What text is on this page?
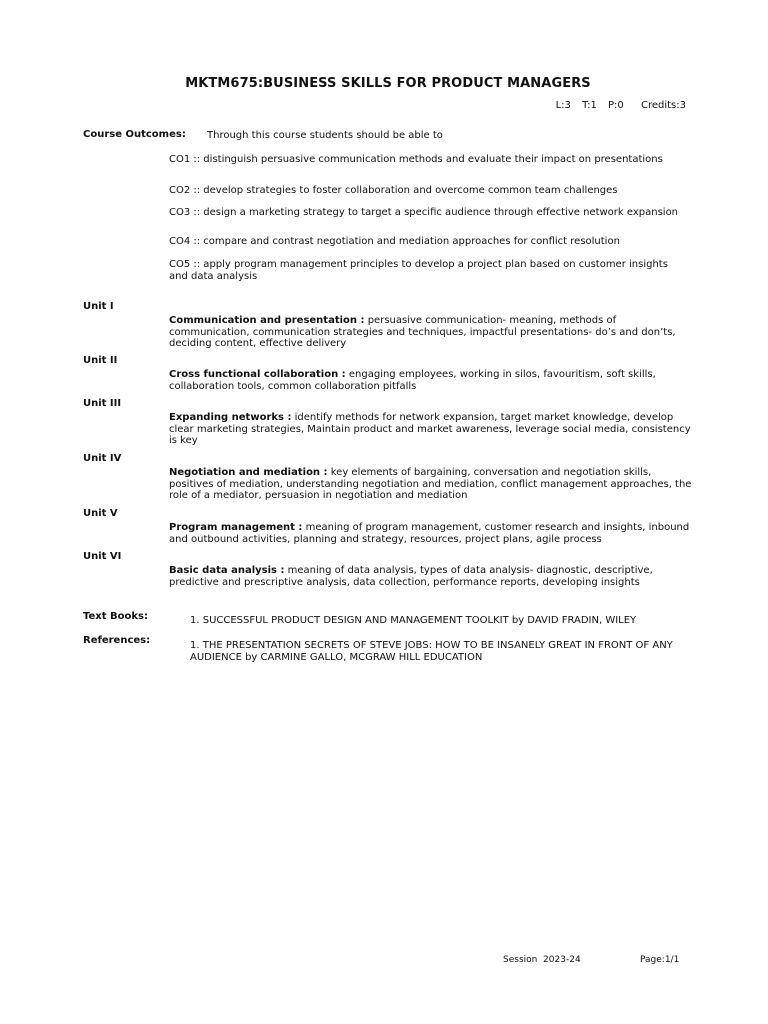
MKTM675:BUSINESS SKILLS FOR PRODUCT MANAGERS
L:3 T:1 P:0 Credits:3
Course Outcomes: Through this course students should be able to
CO1 :: distinguish persuasive communication methods and evaluate their impact on presentations
CO2 :: develop strategies to foster collaboration and overcome common team challenges
CO3 :: design a marketing strategy to target a specific audience through effective network expansion
CO4 :: compare and contrast negotiation and mediation approaches for conflict resolution
CO5 :: apply program management principles to develop a project plan based on customer insights and data analysis
Unit I
Communication and presentation : persuasive communication- meaning, methods of communication, communication strategies and techniques, impactful presentations- do’s and don’ts, deciding content, effective delivery
Unit II
Cross functional collaboration : engaging employees, working in silos, favouritism, soft skills, collaboration tools, common collaboration pitfalls
Unit III
Expanding networks : identify methods for network expansion, target market knowledge, develop clear marketing strategies, Maintain product and market awareness, leverage social media, consistency is key
Unit IV
Negotiation and mediation : key elements of bargaining, conversation and negotiation skills, positives of mediation, understanding negotiation and mediation, conflict management approaches, the role of a mediator, persuasion in negotiation and mediation
Unit V
Program management : meaning of program management, customer research and insights, inbound and outbound activities, planning and strategy, resources, project plans, agile process
Unit VI
Basic data analysis : meaning of data analysis, types of data analysis- diagnostic, descriptive, predictive and prescriptive analysis, data collection, performance reports, developing insights
Text Books:	1. SUCCESSFUL PRODUCT DESIGN AND MANAGEMENT TOOLKIT by DAVID FRADIN, WILEY
References:	1. THE PRESENTATION SECRETS OF STEVE JOBS: HOW TO BE INSANELY GREAT IN FRONT OF ANY AUDIENCE by CARMINE GALLO, MCGRAW HILL EDUCATION
Session  2023-24	Page:1/1
